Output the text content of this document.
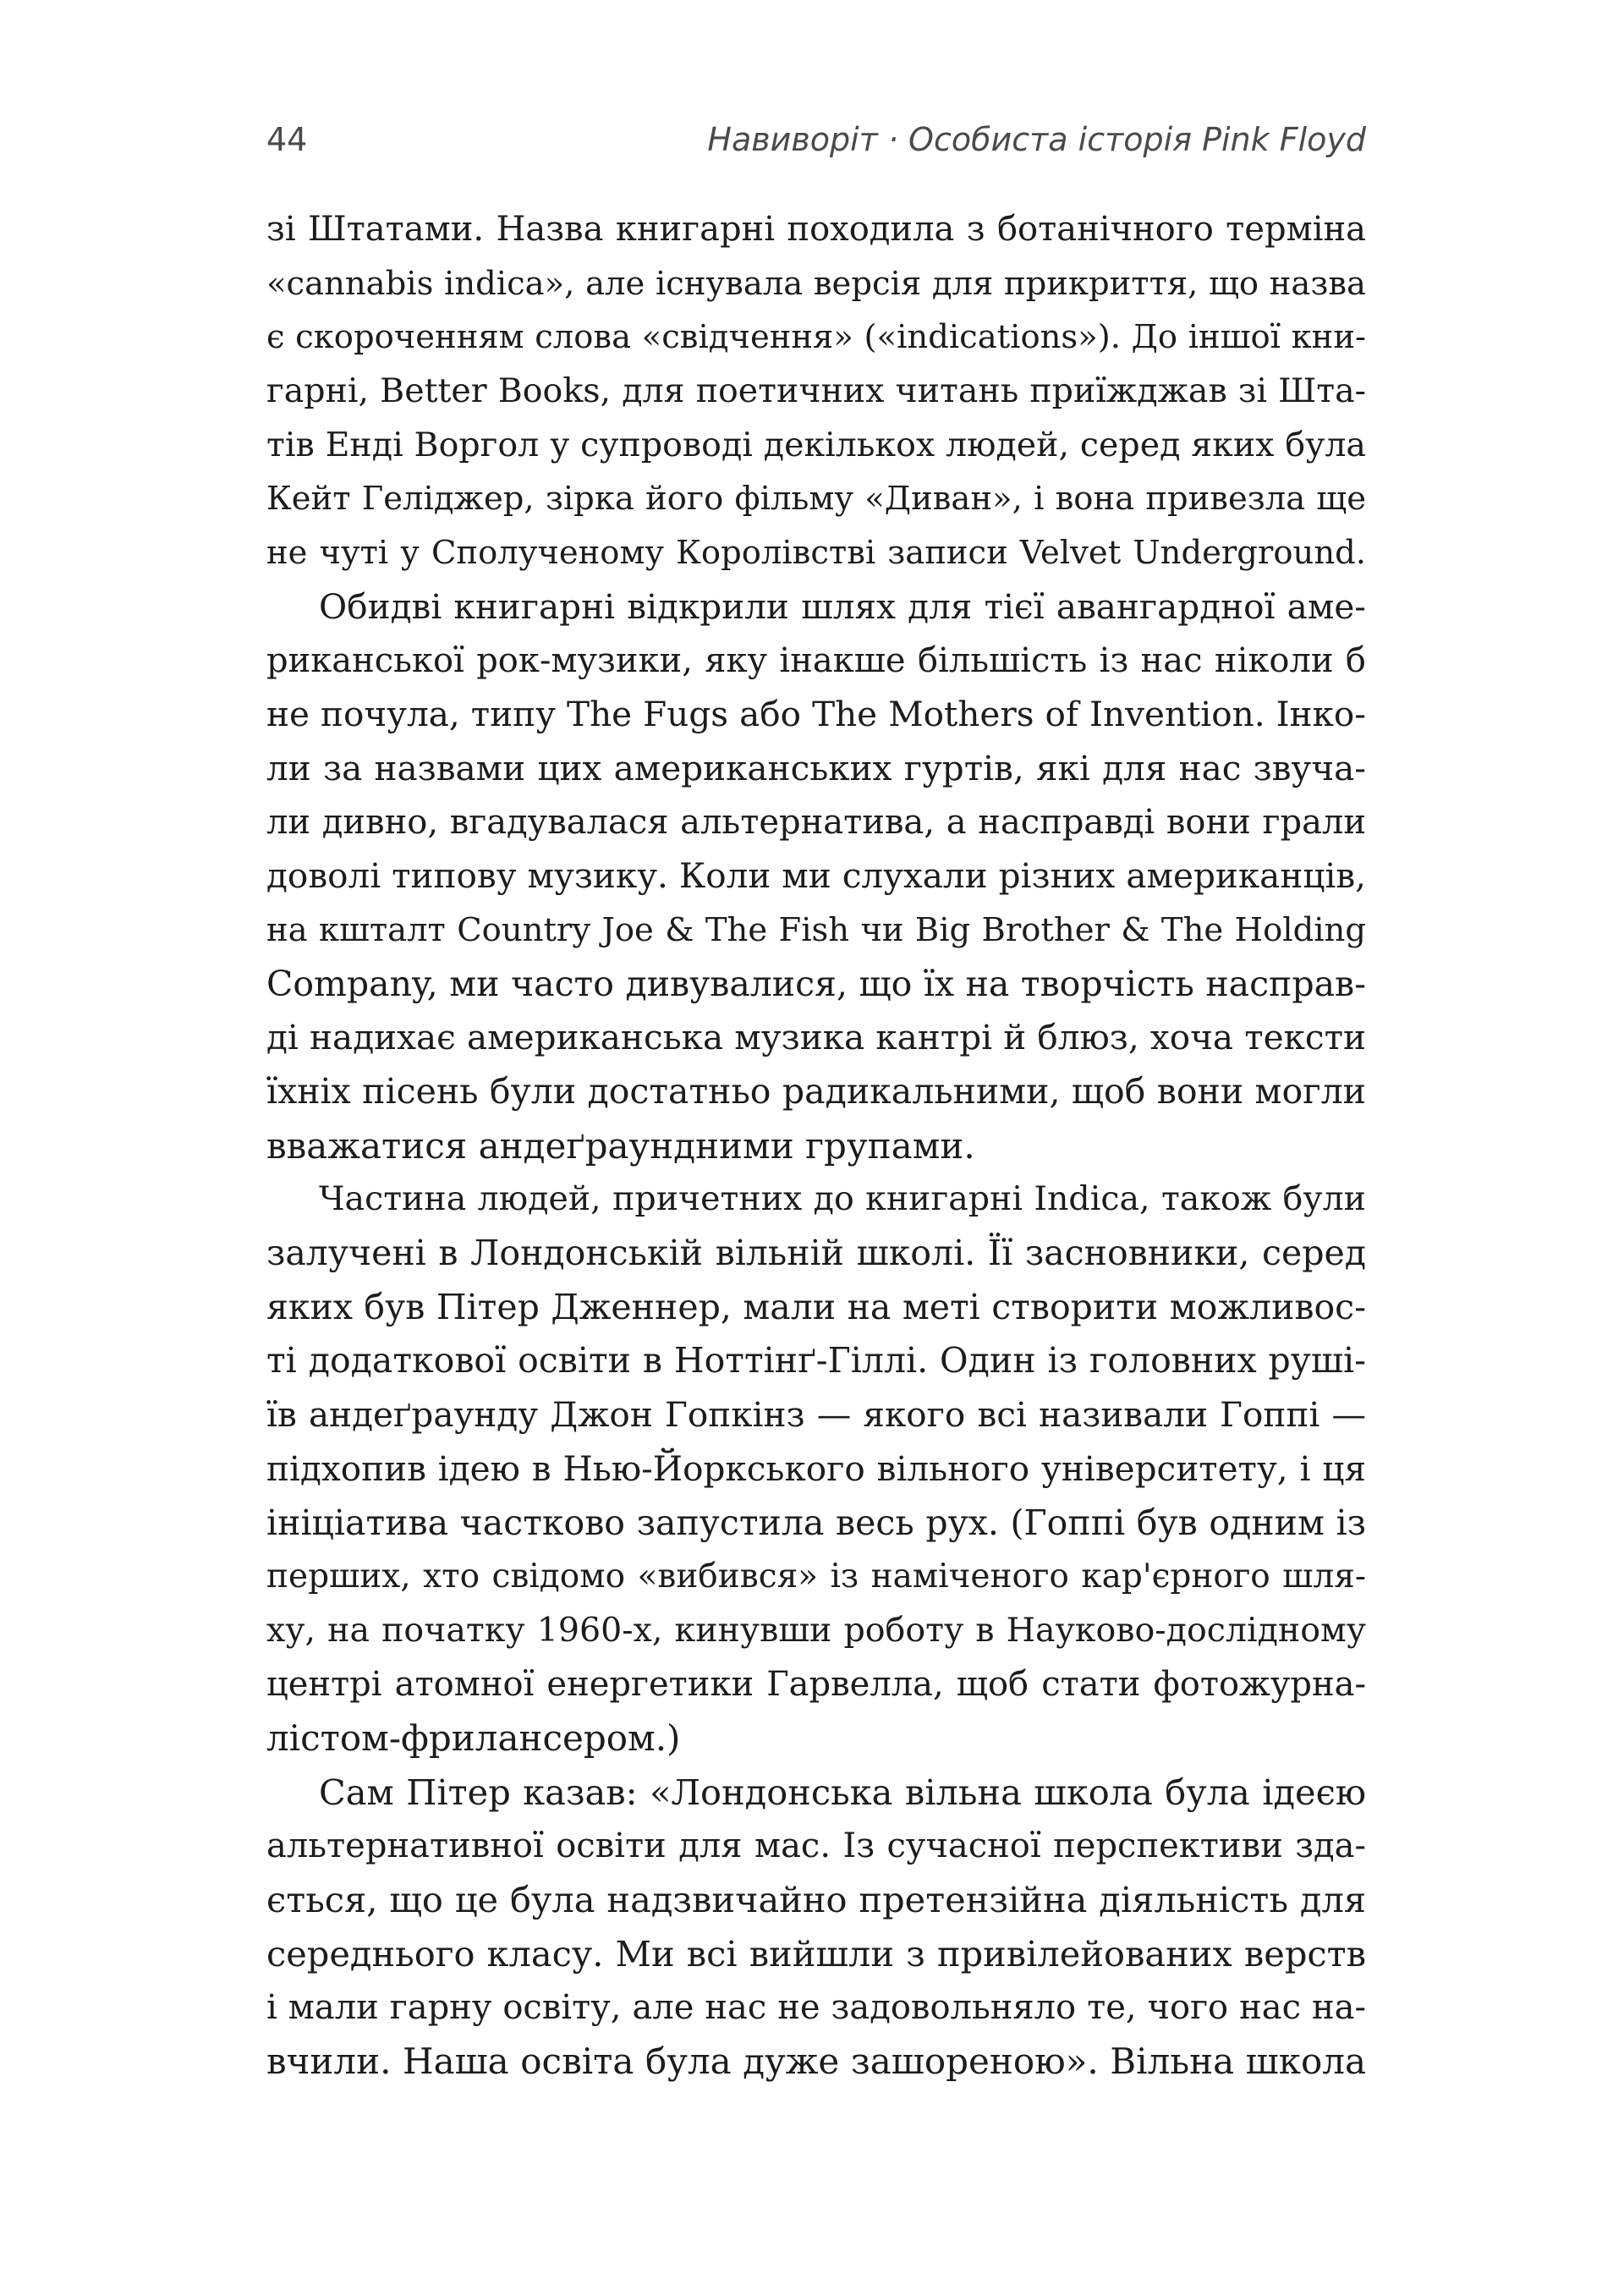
44	Навиворіт · Особиста історія Pink Floyd
зі Штатами. Назва книгарні походила з ботанічного терміна
«cannabis indica», але існувала версія для прикриття, що назва
є скороченням слова «свідчення» («indications»). До іншої кни-
гарні, Better Books, для поетичних читань приїжджав зі Шта-
тів Енді Воргол у супроводі декількох людей, серед яких була
Кейт Геліджер, зірка його фільму «Диван», і вона привезла ще
не чуті у Сполученому Королівстві записи Velvet Underground.
Обидві книгарні відкрили шлях для тієї авангардної аме-
риканської рок-музики, яку інакше більшість із нас ніколи б
не почула, типу The Fugs або The Mothers of Invention. Інко-
ли за назвами цих американських гуртів, які для нас звуча-
ли дивно, вгадувалася альтернатива, а насправді вони грали
доволі типову музику. Коли ми слухали різних американців,
на кшталт Country Joe & The Fish чи Big Brother & The Holding
Company, ми часто дивувалися, що їх на творчість насправ-
ді надихає американська музика кантрі й блюз, хоча тексти
їхніх пісень були достатньо радикальними, щоб вони могли
вважатися андеґраундними групами.
Частина людей, причетних до книгарні Indica, також були
залучені в Лондонській вільній школі. Її засновники, серед
яких був Пітер Дженнер, мали на меті створити можливос-
ті додаткової освіти в Ноттінґ-Гіллі. Один із головних руші-
їв андеґраунду Джон Гопкінз — якого всі називали Гоппі —
підхопив ідею в Нью-Йоркського вільного університету, і ця
ініціатива частково запустила весь рух. (Гоппі був одним із
перших, хто свідомо «вибився» із наміченого кар'єрного шля-
ху, на початку 1960-х, кинувши роботу в Науково-дослідному
центрі атомної енергетики Гарвелла, щоб стати фотожурна-
лістом-фрилансером.)
Сам Пітер казав: «Лондонська вільна школа була ідеєю
альтернативної освіти для мас. Із сучасної перспективи зда-
ється, що це була надзвичайно претензійна діяльність для
середнього класу. Ми всі вийшли з привілейованих верств
і мали гарну освіту, але нас не задовольняло те, чого нас на-
вчили. Наша освіта була дуже зашореною». Вільна школа
